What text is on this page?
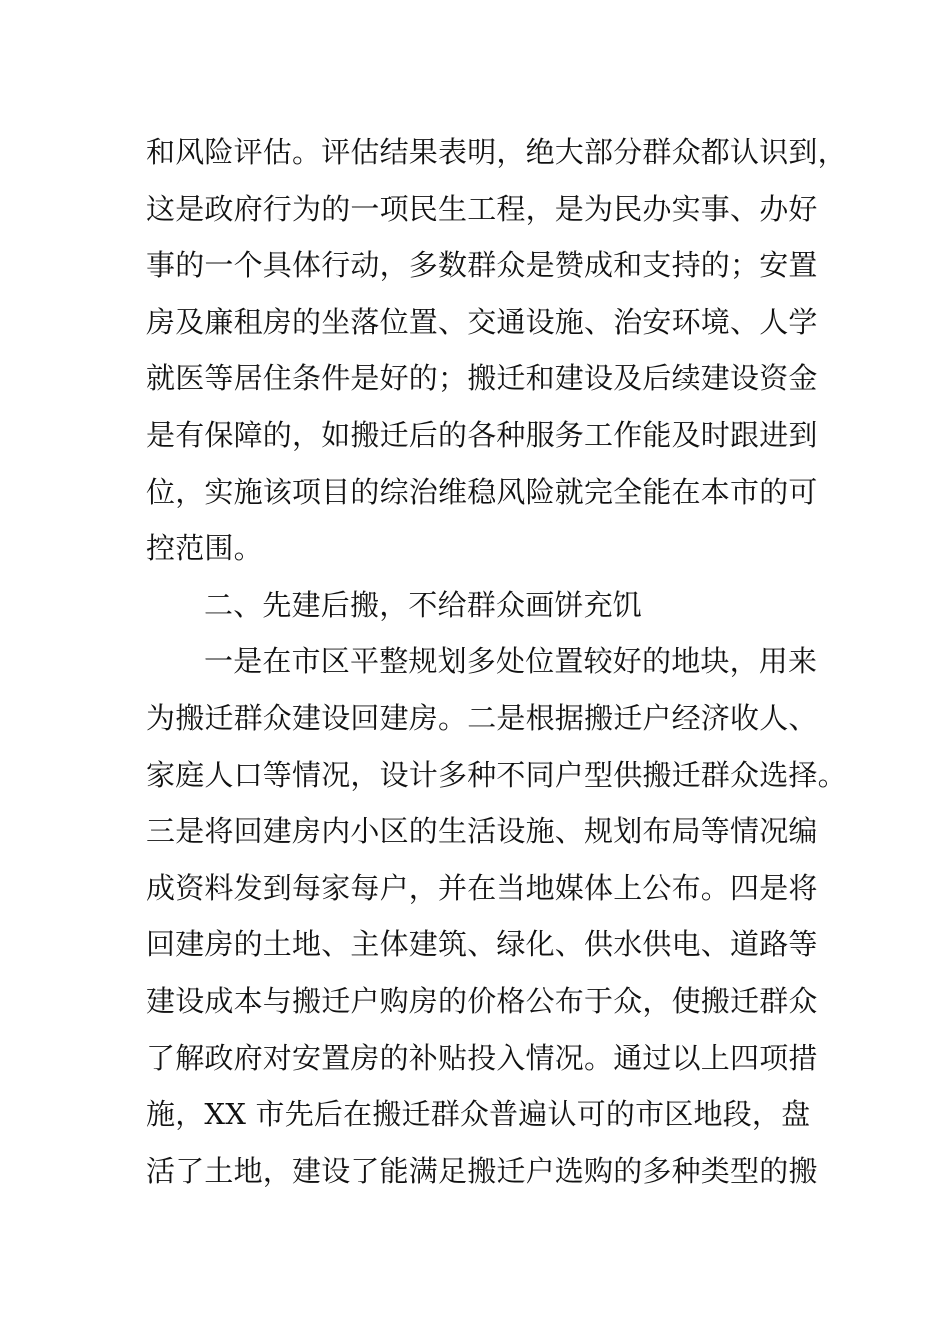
和风险评估。评估结果表明，绝大部分群众都认识到，
这是政府行为的一项民生工程，是为民办实事、办好
事的一个具体行动，多数群众是赞成和支持的；安置
房及廉租房的坐落位置、交通设施、治安环境、人学
就医等居住条件是好的；搬迁和建设及后续建设资金
是有保障的，如搬迁后的各种服务工作能及时跟进到
位，实施该项目的综治维稳风险就完全能在本市的可
控范围。
二、先建后搬，不给群众画饼充饥
一是在市区平整规划多处位置较好的地块，用来
为搬迁群众建设回建房。二是根据搬迁户经济收人、
家庭人口等情况，设计多种不同户型供搬迁群众选择。
三是将回建房内小区的生活设施、规划布局等情况编
成资料发到每家每户，并在当地媒体上公布。四是将
回建房的土地、主体建筑、绿化、供水供电、道路等
建设成本与搬迁户购房的价格公布于众，使搬迁群众
了解政府对安置房的补贴投入情况。通过以上四项措
施，XX 市先后在搬迁群众普遍认可的市区地段，盘
活了土地，建设了能满足搬迁户选购的多种类型的搬
